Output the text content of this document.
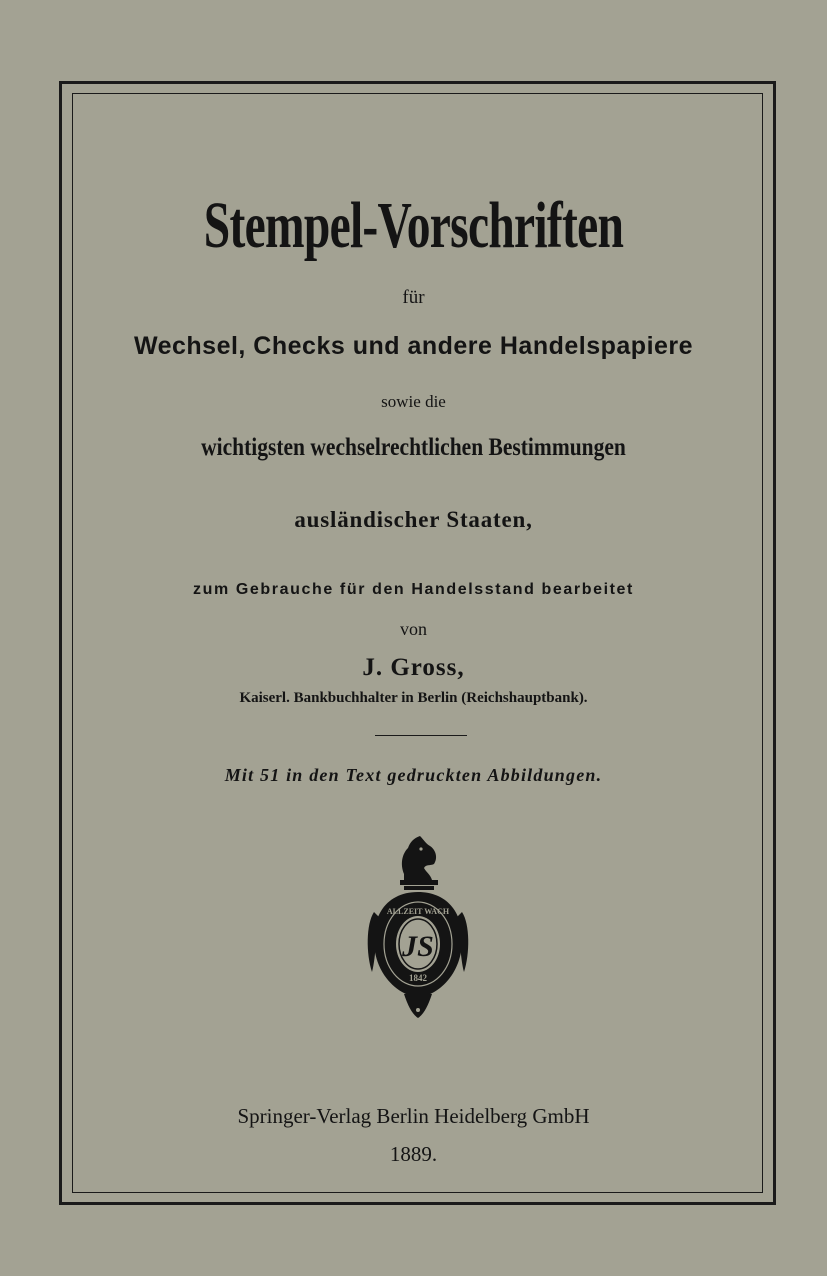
Stempel-Vorschriften

für

Wechsel, Checks und andere Handelspapiere

sowie die

wichtigsten wechselrechtlichen Bestimmungen

ausländischer Staaten,

zum Gebrauche für den Handelsstand bearbeitet

von

J. Gross,

Kaiserl. Bankbuchhalter in Berlin (Reichshauptbank).

Mit 51 in den Text gedruckten Abbildungen.

ALLZEIT WACH
1842
JS

Springer-Verlag Berlin Heidelberg GmbH

1889.
